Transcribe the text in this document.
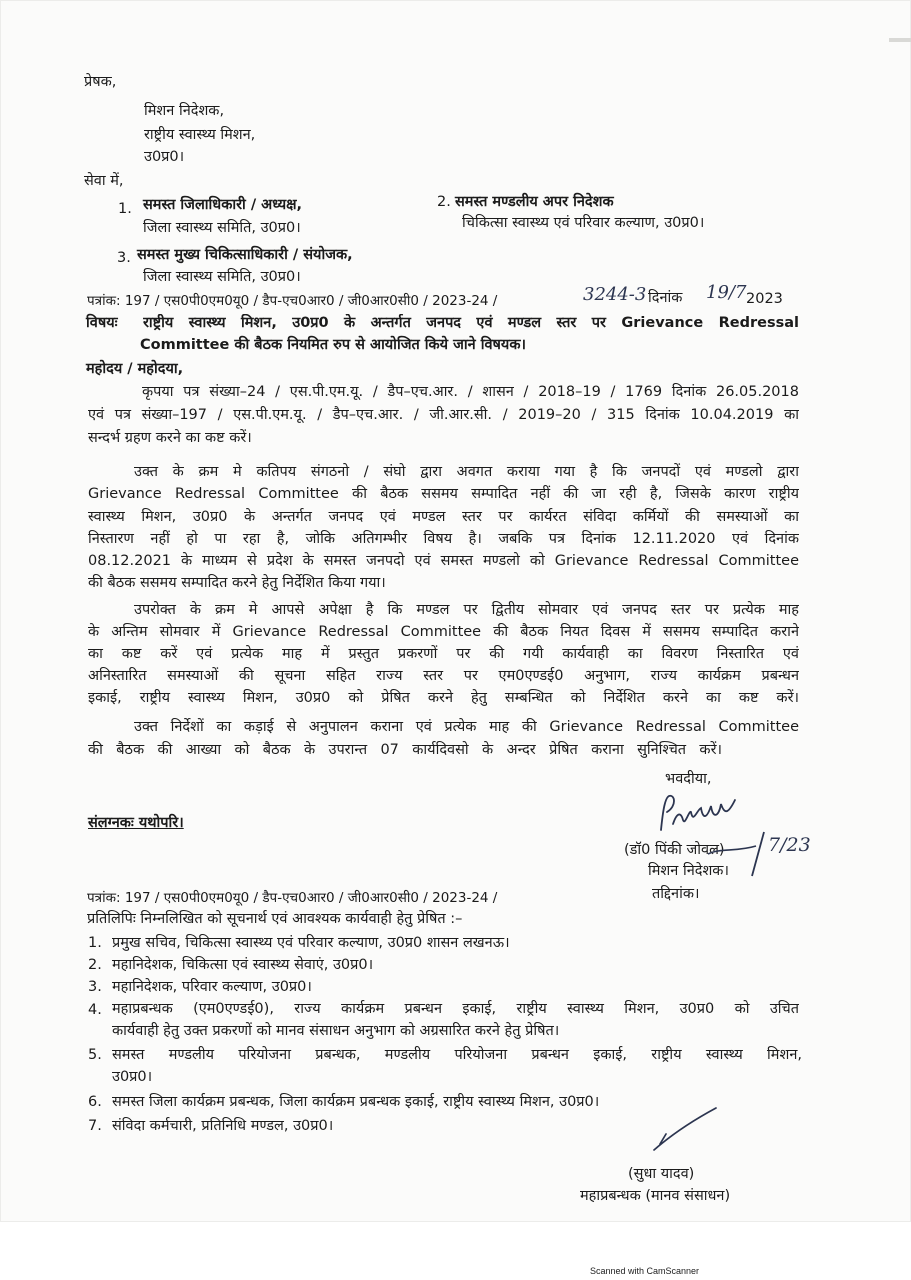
प्रेषक,
मिशन निदेशक,
राष्ट्रीय स्वास्थ्य मिशन,
उ0प्र0।
सेवा में,
1. समस्त जिलाधिकारी / अध्यक्ष,
जिला स्वास्थ्य समिति, उ0प्र0।
2. समस्त मण्डलीय अपर निदेशक
चिकित्सा स्वास्थ्य एवं परिवार कल्याण, उ0प्र0।
3. समस्त मुख्य चिकित्साधिकारी / संयोजक,
जिला स्वास्थ्य समिति, उ0प्र0।
पत्रांक: 197 / एस0पी0एम0यू0 / डैप-एच0आर0 / जी0आर0सी0 / 2023-24 /	3244-3 दिनांक 19/7 2023
विषयः राष्ट्रीय स्वास्थ्य मिशन, उ0प्र0 के अन्तर्गत जनपद एवं मण्डल स्तर पर Grievance Redressal
Committee की बैठक नियमित रुप से आयोजित किये जाने विषयक।
महोदय / महोदया,
कृपया पत्र संख्या–24 / एस.पी.एम.यू. / डैप–एच.आर. / शासन / 2018–19 / 1769 दिनांक 26.05.2018
एवं पत्र संख्या–197 / एस.पी.एम.यू. / डैप–एच.आर. / जी.आर.सी. / 2019–20 / 315 दिनांक 10.04.2019 का
सन्दर्भ ग्रहण करने का कष्ट करें।
उक्त के क्रम मे कतिपय संगठनो / संघो द्वारा अवगत कराया गया है कि जनपदों एवं मण्डलो द्वारा
Grievance Redressal Committee की बैठक ससमय सम्पादित नहीं की जा रही है, जिसके कारण राष्ट्रीय
स्वास्थ्य मिशन, उ0प्र0 के अन्तर्गत जनपद एवं मण्डल स्तर पर कार्यरत संविदा कर्मियों की समस्याओं का
निस्तारण नहीं हो पा रहा है, जोकि अतिगम्भीर विषय है। जबकि पत्र दिनांक 12.11.2020 एवं दिनांक
08.12.2021 के माध्यम से प्रदेश के समस्त जनपदो एवं समस्त मण्डलो को Grievance Redressal Committee
की बैठक ससमय सम्पादित करने हेतु निर्देशित किया गया।
उपरोक्त के क्रम मे आपसे अपेक्षा है कि मण्डल पर द्वितीय सोमवार एवं जनपद स्तर पर प्रत्येक माह
के अन्तिम सोमवार में Grievance Redressal Committee की बैठक नियत दिवस में ससमय सम्पादित कराने
का कष्ट करें एवं प्रत्येक माह में प्रस्तुत प्रकरणों पर की गयी कार्यवाही का विवरण निस्तारित एवं
अनिस्तारित समस्याओं की सूचना सहित राज्य स्तर पर एम0एण्डई0 अनुभाग, राज्य कार्यक्रम प्रबन्धन
इकाई, राष्ट्रीय स्वास्थ्य मिशन, उ0प्र0 को प्रेषित करने हेतु सम्बन्धित को निर्देशित करने का कष्ट करें।
उक्त निर्देशों का कड़ाई से अनुपालन कराना एवं प्रत्येक माह की Grievance Redressal Committee
की बैठक की आख्या को बैठक के उपरान्त 07 कार्यदिवसो के अन्दर प्रेषित कराना सुनिश्चित करें।
भवदीया,
संलग्नकः यथोपरि।
(डॉ0 पिंकी जोवल) 7/23
मिशन निदेशक।
तद्दिनांक।
पत्रांक: 197 / एस0पी0एम0यू0 / डैप-एच0आर0 / जी0आर0सी0 / 2023-24 /
प्रतिलिपिः निम्नलिखित को सूचनार्थ एवं आवश्यक कार्यवाही हेतु प्रेषित :–
1. प्रमुख सचिव, चिकित्सा स्वास्थ्य एवं परिवार कल्याण, उ0प्र0 शासन लखनऊ।
2. महानिदेशक, चिकित्सा एवं स्वास्थ्य सेवाएं, उ0प्र0।
3. महानिदेशक, परिवार कल्याण, उ0प्र0।
4. महाप्रबन्धक (एम0एण्डई0), राज्य कार्यक्रम प्रबन्धन इकाई, राष्ट्रीय स्वास्थ्य मिशन, उ0प्र0 को उचित
कार्यवाही हेतु उक्त प्रकरणों को मानव संसाधन अनुभाग को अग्रसारित करने हेतु प्रेषित।
5. समस्त मण्डलीय परियोजना प्रबन्धक, मण्डलीय परियोजना प्रबन्धन इकाई, राष्ट्रीय स्वास्थ्य मिशन,
उ0प्र0।
6. समस्त जिला कार्यक्रम प्रबन्धक, जिला कार्यक्रम प्रबन्धक इकाई, राष्ट्रीय स्वास्थ्य मिशन, उ0प्र0।
7. संविदा कर्मचारी, प्रतिनिधि मण्डल, उ0प्र0।
(सुधा यादव)
महाप्रबन्धक (मानव संसाधन)
Scanned with CamScanner
